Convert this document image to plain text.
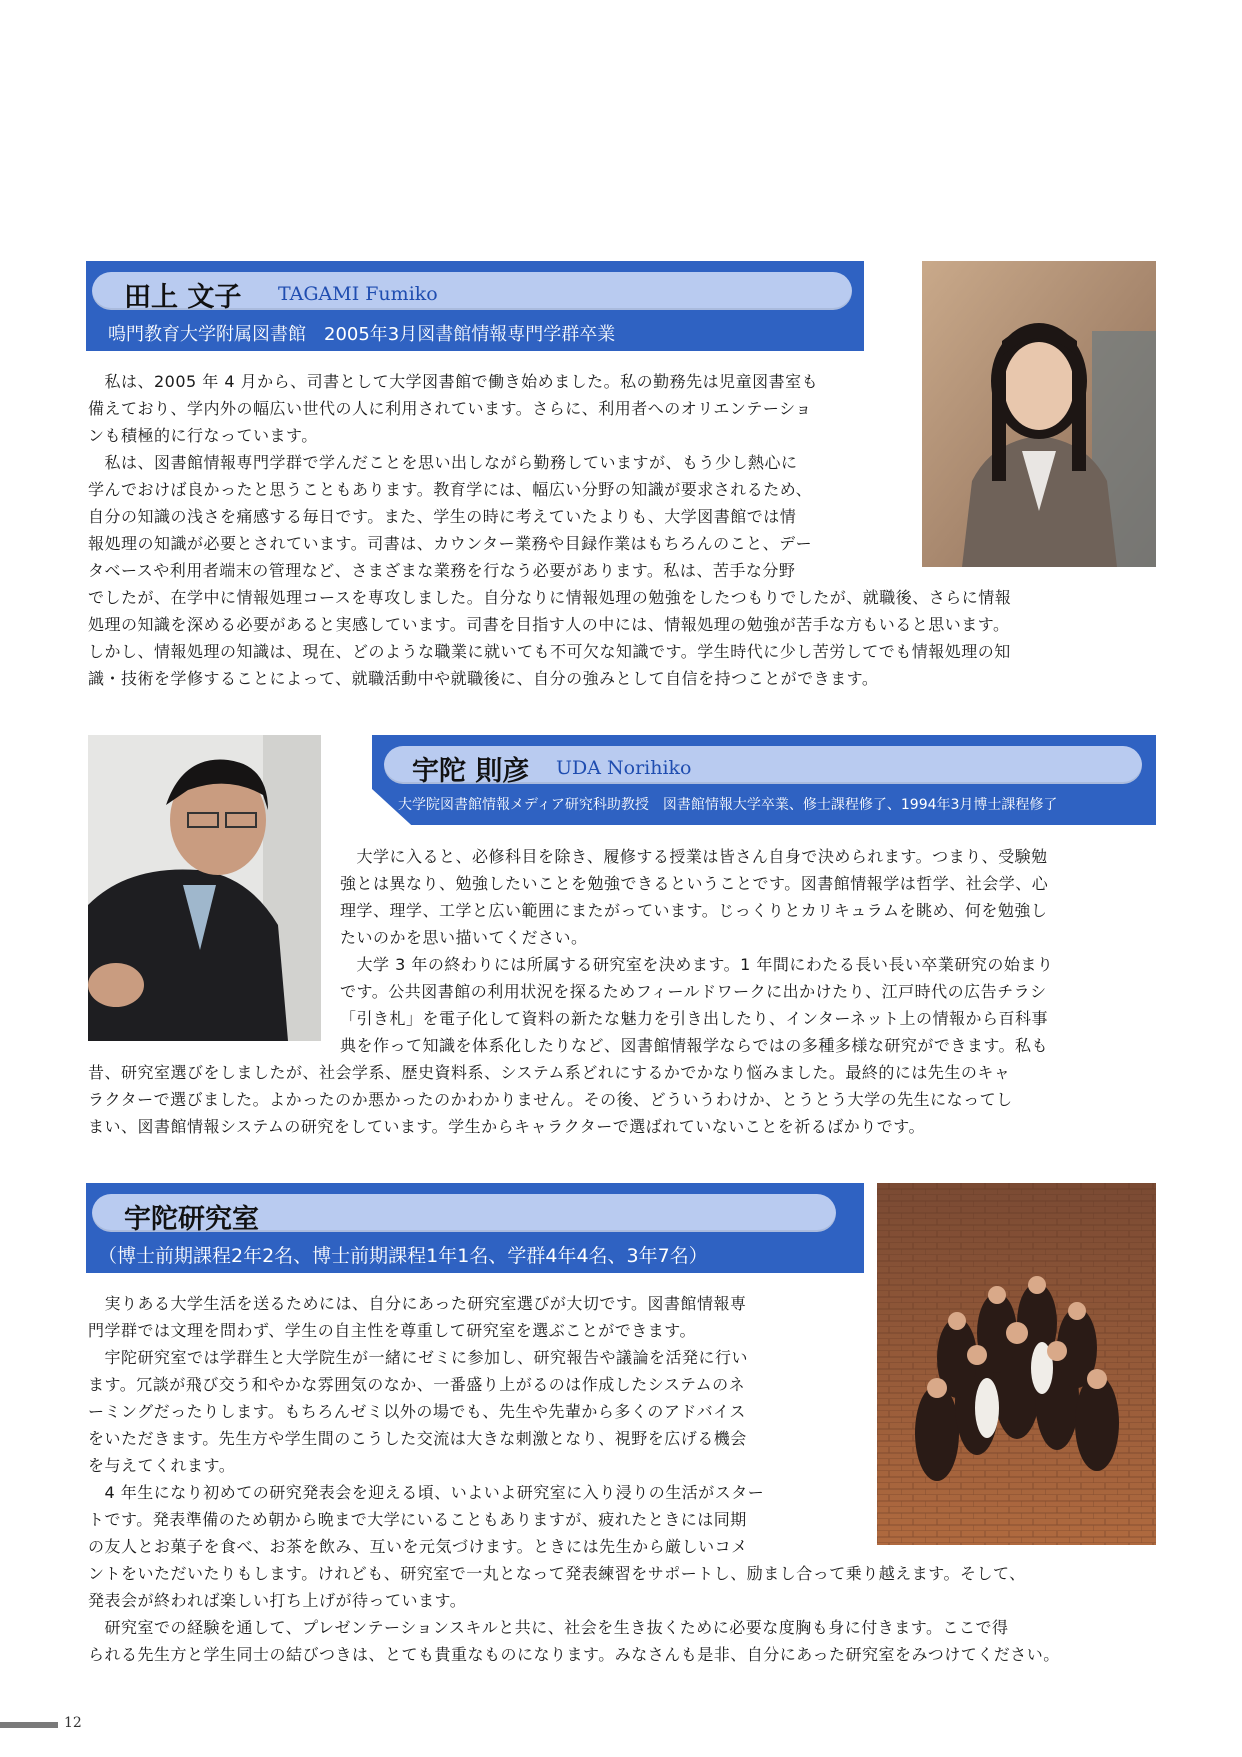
田上 文子 TAGAMI Fumiko
鳴門教育大学附属図書館　2005年3月図書館情報専門学群卒業
　私は、2005 年 4 月から、司書として大学図書館で働き始めました。私の勤務先は児童図書室も
備えており、学内外の幅広い世代の人に利用されています。さらに、利用者へのオリエンテーショ
ンも積極的に行なっています。
　私は、図書館情報専門学群で学んだことを思い出しながら勤務していますが、もう少し熱心に
学んでおけば良かったと思うこともあります。教育学には、幅広い分野の知識が要求されるため、
自分の知識の浅さを痛感する毎日です。また、学生の時に考えていたよりも、大学図書館では情
報処理の知識が必要とされています。司書は、カウンター業務や目録作業はもちろんのこと、デー
タベースや利用者端末の管理など、さまざまな業務を行なう必要があります。私は、苦手な分野
でしたが、在学中に情報処理コースを専攻しました。自分なりに情報処理の勉強をしたつもりでしたが、就職後、さらに情報
処理の知識を深める必要があると実感しています。司書を目指す人の中には、情報処理の勉強が苦手な方もいると思います。
しかし、情報処理の知識は、現在、どのような職業に就いても不可欠な知識です。学生時代に少し苦労してでも情報処理の知
識・技術を学修することによって、就職活動中や就職後に、自分の強みとして自信を持つことができます。
宇陀 則彦 UDA Norihiko
大学院図書館情報メディア研究科助教授　図書館情報大学卒業、修士課程修了、1994年3月博士課程修了
　大学に入ると、必修科目を除き、履修する授業は皆さん自身で決められます。つまり、受験勉
強とは異なり、勉強したいことを勉強できるということです。図書館情報学は哲学、社会学、心
理学、理学、工学と広い範囲にまたがっています。じっくりとカリキュラムを眺め、何を勉強し
たいのかを思い描いてください。
　大学 3 年の終わりには所属する研究室を決めます。1 年間にわたる長い長い卒業研究の始まり
です。公共図書館の利用状況を探るためフィールドワークに出かけたり、江戸時代の広告チラシ
「引き札」を電子化して資料の新たな魅力を引き出したり、インターネット上の情報から百科事
典を作って知識を体系化したりなど、図書館情報学ならではの多種多様な研究ができます。私も
昔、研究室選びをしましたが、社会学系、歴史資料系、システム系どれにするかでかなり悩みました。最終的には先生のキャ
ラクターで選びました。よかったのか悪かったのかわかりません。その後、どういうわけか、とうとう大学の先生になってし
まい、図書館情報システムの研究をしています。学生からキャラクターで選ばれていないことを祈るばかりです。
宇陀研究室
（博士前期課程2年2名、博士前期課程1年1名、学群4年4名、3年7名）
　実りある大学生活を送るためには、自分にあった研究室選びが大切です。図書館情報専
門学群では文理を問わず、学生の自主性を尊重して研究室を選ぶことができます。
　宇陀研究室では学群生と大学院生が一緒にゼミに参加し、研究報告や議論を活発に行い
ます。冗談が飛び交う和やかな雰囲気のなか、一番盛り上がるのは作成したシステムのネ
ーミングだったりします。もちろんゼミ以外の場でも、先生や先輩から多くのアドバイス
をいただきます。先生方や学生間のこうした交流は大きな刺激となり、視野を広げる機会
を与えてくれます。
　4 年生になり初めての研究発表会を迎える頃、いよいよ研究室に入り浸りの生活がスター
トです。発表準備のため朝から晩まで大学にいることもありますが、疲れたときには同期
の友人とお菓子を食べ、お茶を飲み、互いを元気づけます。ときには先生から厳しいコメ
ントをいただいたりもします。けれども、研究室で一丸となって発表練習をサポートし、励まし合って乗り越えます。そして、
発表会が終われば楽しい打ち上げが待っています。
　研究室での経験を通して、プレゼンテーションスキルと共に、社会を生き抜くために必要な度胸も身に付きます。ここで得
られる先生方と学生同士の結びつきは、とても貴重なものになります。みなさんも是非、自分にあった研究室をみつけてください。
12
